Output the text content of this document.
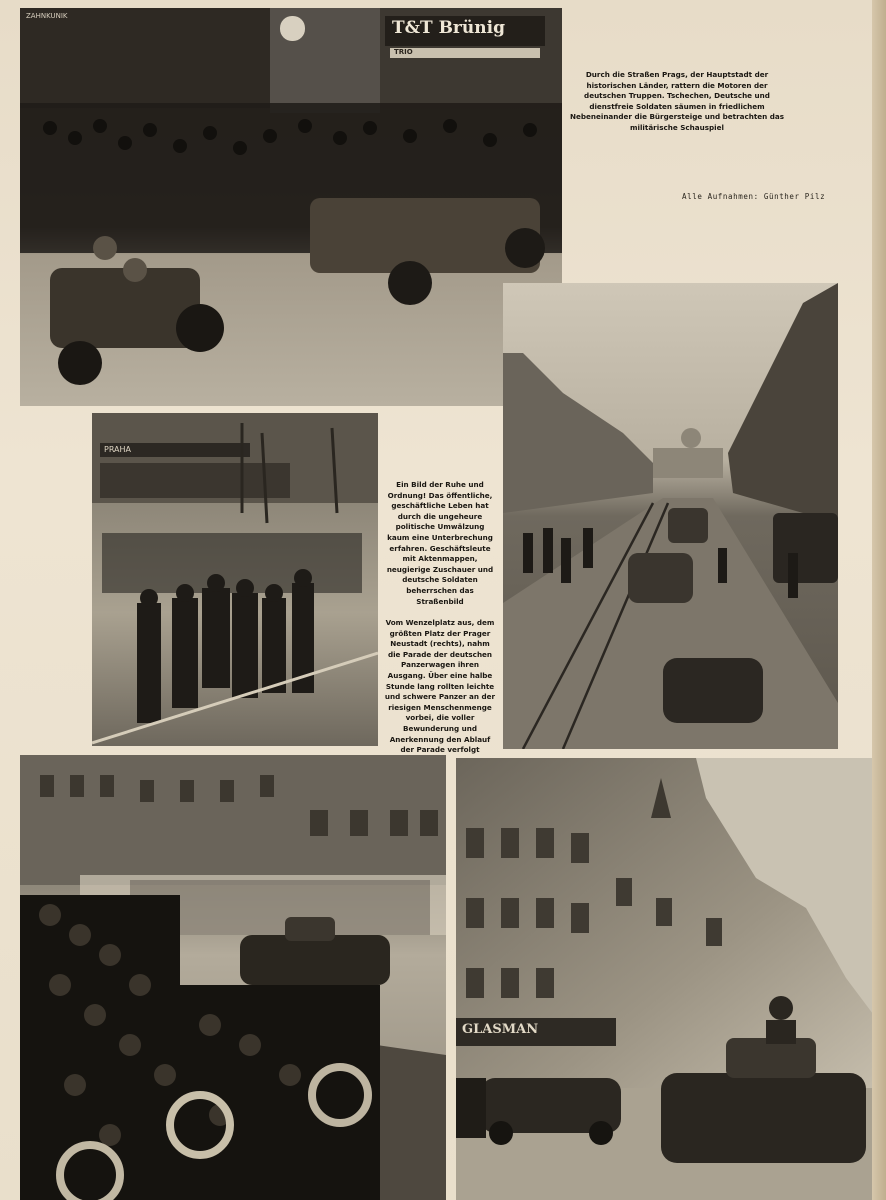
ZAHNKUNIK
T&T Brünig
TRIO
Durch die Straßen Prags, der Hauptstadt der historischen Länder, rattern die Motoren der deutschen Truppen. Tschechen, Deutsche und dienstfreie Soldaten säumen in friedlichem Nebeneinander die Bürgersteige und betrachten das militärische Schauspiel
Alle Aufnahmen: Günther Pilz
PRAHA
Ein Bild der Ruhe und Ordnung! Das öffentliche, geschäftliche Leben hat durch die ungeheure politische Umwälzung kaum eine Unterbrechung erfahren. Geschäftsleute mit Aktenmappen, neugierige Zuschauer und deutsche Soldaten beherrschen das Straßenbild
Vom Wenzelplatz aus, dem größten Platz der Prager Neustadt (rechts), nahm die Parade der deutschen Panzerwagen ihren Ausgang. Über eine halbe Stunde lang rollten leichte und schwere Panzer an der riesigen Menschenmenge vorbei, die voller Bewunderung und Anerkennung den Ablauf der Parade verfolgt
GLASMAN
